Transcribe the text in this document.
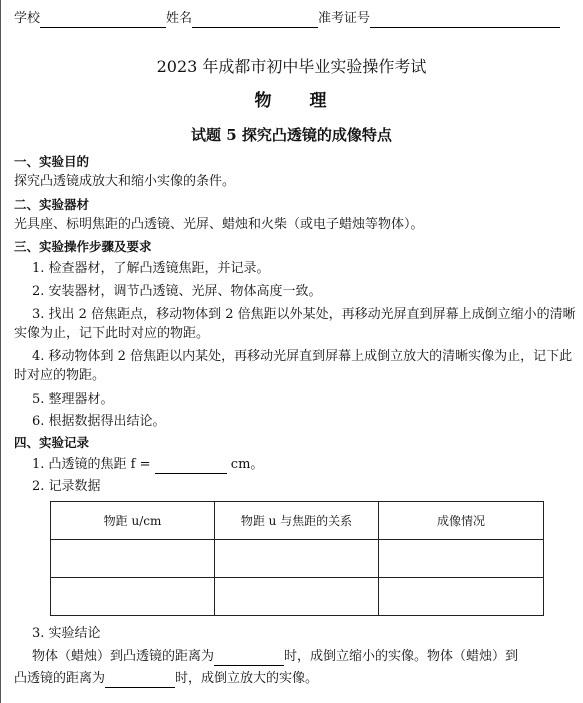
学校	姓名	准考证号
2023 年成都市初中毕业实验操作考试
物 理
试题 5 探究凸透镜的成像特点
一、实验目的
探究凸透镜成放大和缩小实像的条件。
二、实验器材
光具座、标明焦距的凸透镜、光屏、蜡烛和火柴（或电子蜡烛等物体）。
三、实验操作步骤及要求
1. 检查器材，了解凸透镜焦距，并记录。
2. 安装器材，调节凸透镜、光屏、物体高度一致。
3. 找出 2 倍焦距点，移动物体到 2 倍焦距以外某处，再移动光屏直到屏幕上成倒立缩小的清晰实像为止，记下此时对应的物距。
4. 移动物体到 2 倍焦距以内某处，再移动光屏直到屏幕上成倒立放大的清晰实像为止，记下此时对应的物距。
5. 整理器材。
6. 根据数据得出结论。
四、实验记录
1. 凸透镜的焦距 f =	cm。
2. 记录数据
物距 u/cm	物距 u 与焦距的关系	成像情况

3. 实验结论
物体（蜡烛）到凸透镜的距离为	时，成倒立缩小的实像。物体（蜡烛）到
凸透镜的距离为	时，成倒立放大的实像。
